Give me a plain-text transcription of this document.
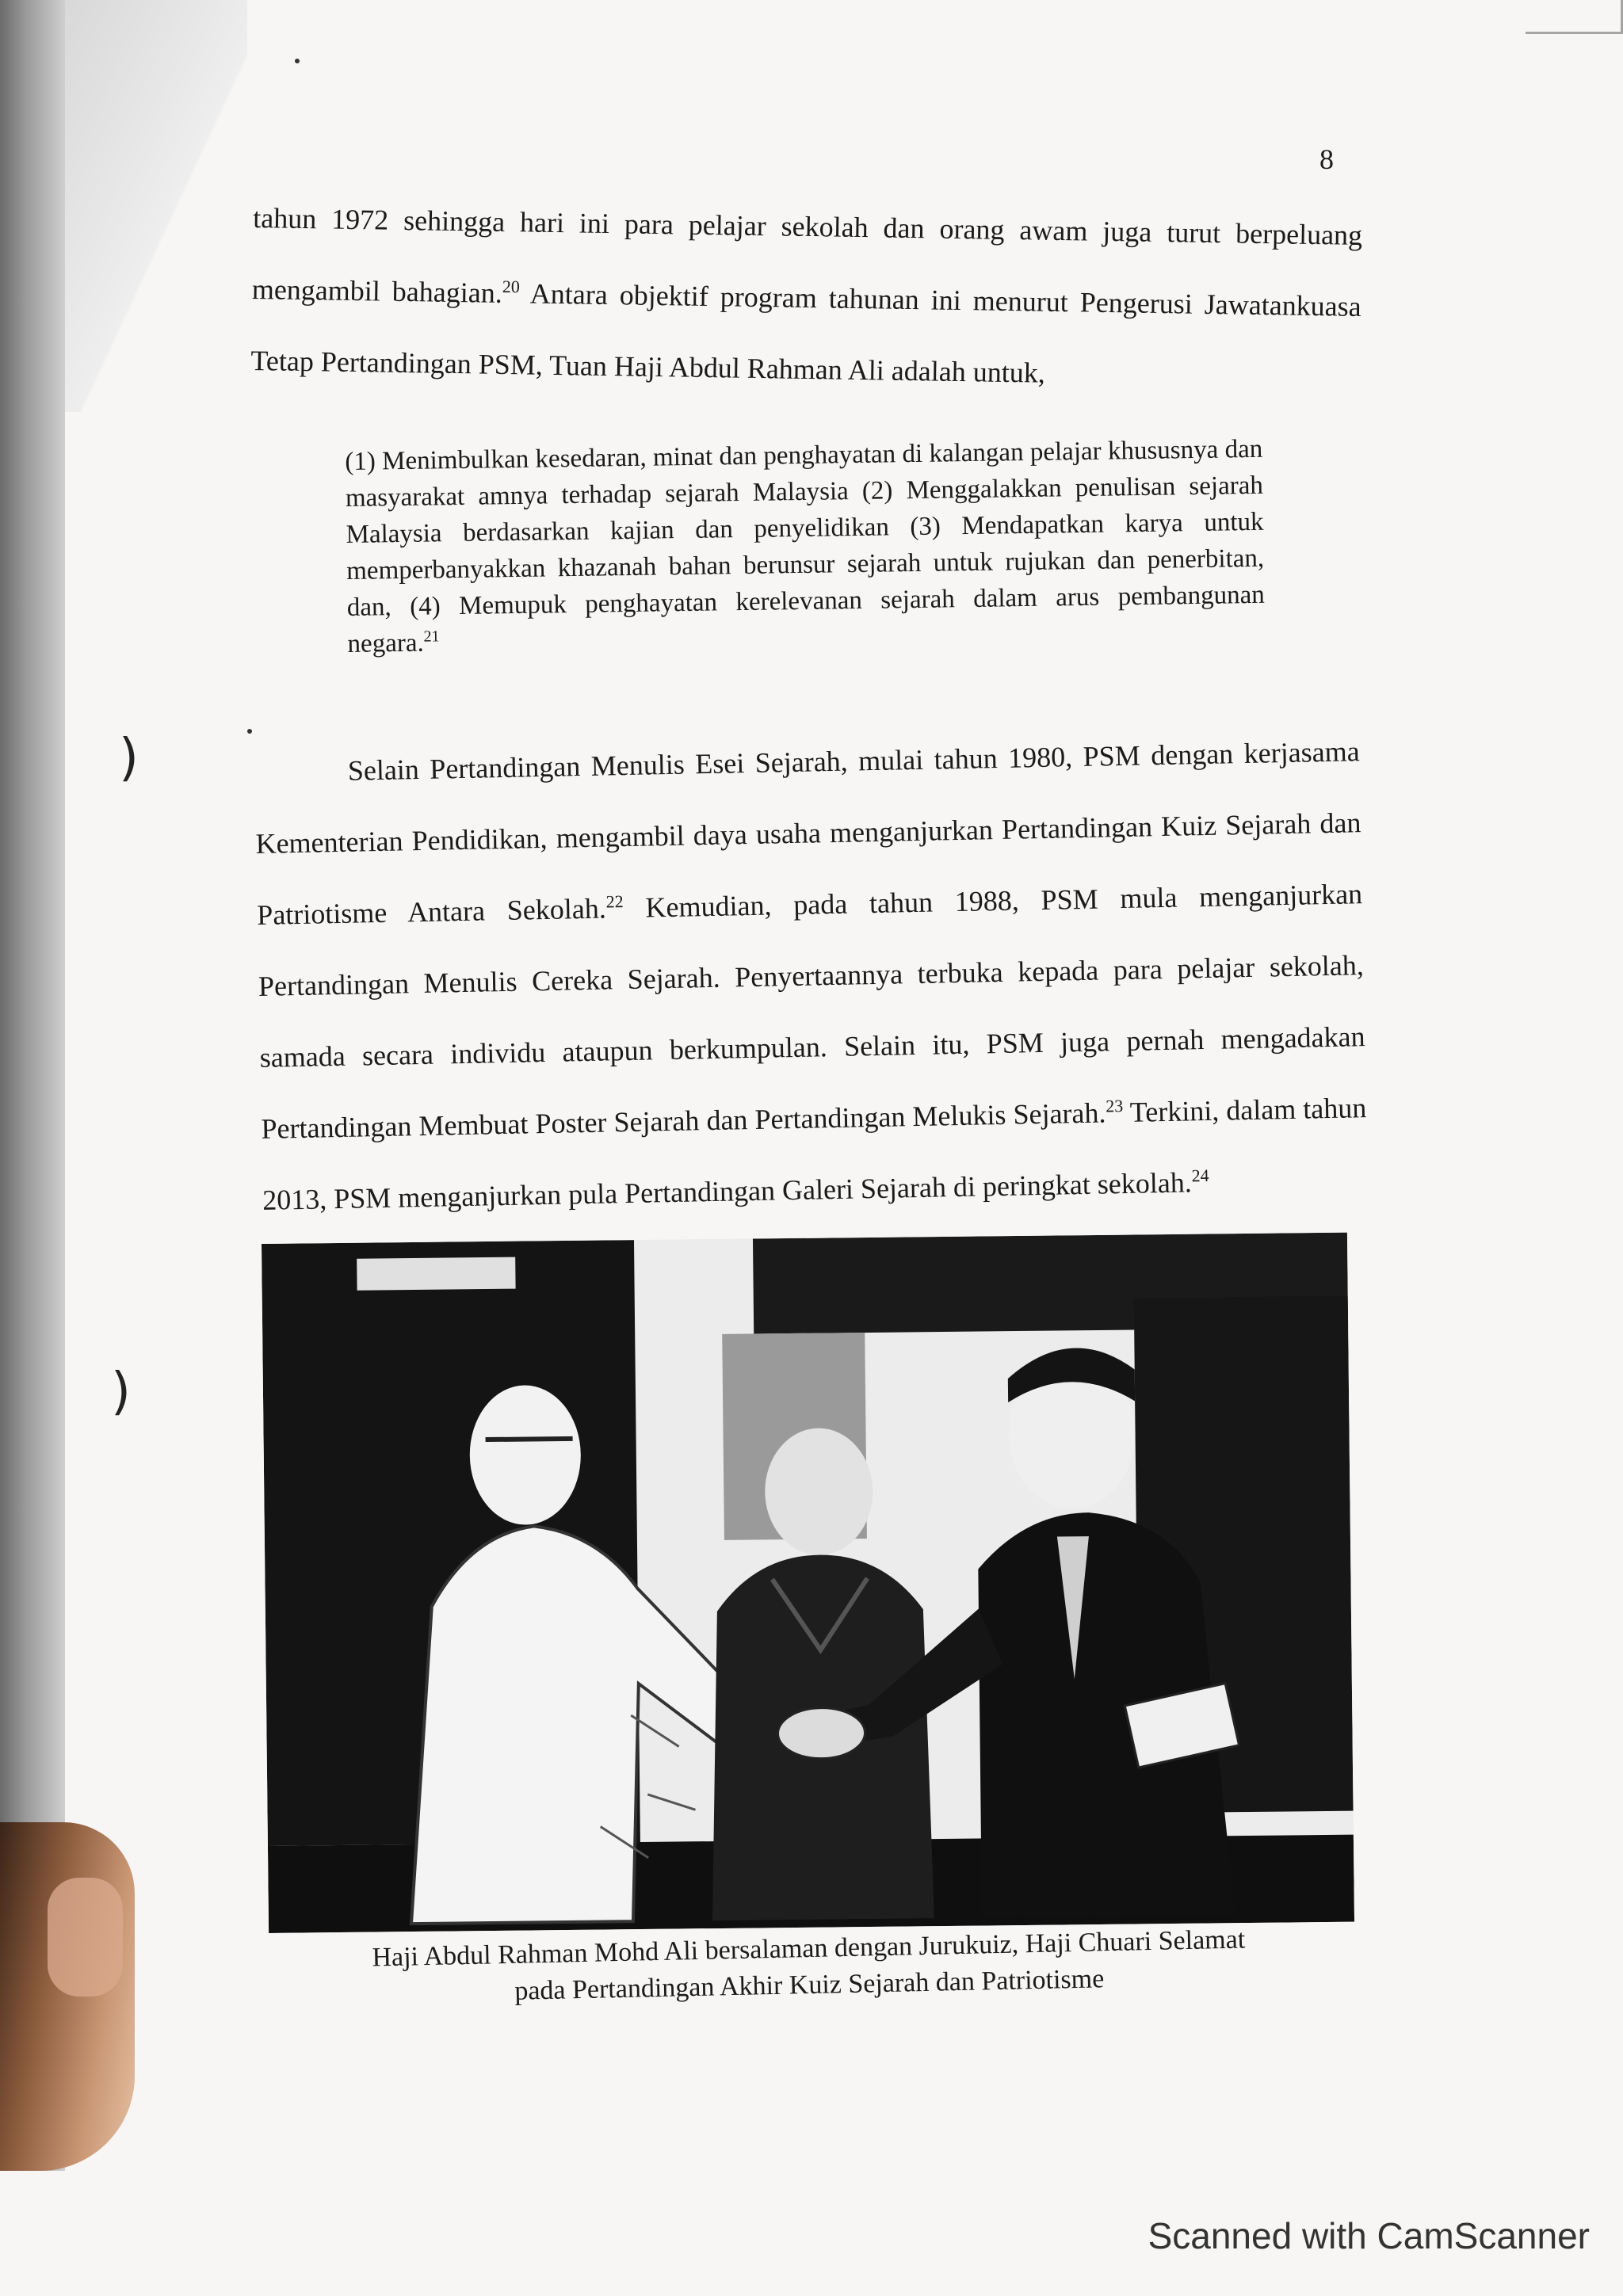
)
)
8
tahun 1972 sehingga hari ini para pelajar sekolah dan orang awam juga turut berpeluang mengambil bahagian.$^{20}$ Antara objektif program tahunan ini menurut Pengerusi Jawatankuasa Tetap Pertandingan PSM, Tuan Haji Abdul Rahman Ali adalah untuk,
(1) Menimbulkan kesedaran, minat dan penghayatan di kalangan pelajar khususnya dan masyarakat amnya terhadap sejarah Malaysia (2) Menggalakkan penulisan sejarah Malaysia berdasarkan kajian dan penyelidikan (3) Mendapatkan karya untuk memperbanyakkan khazanah bahan berunsur sejarah untuk rujukan dan penerbitan, dan, (4) Memupuk penghayatan kerelevanan sejarah dalam arus pembangunan negara.$^{21}$
Selain Pertandingan Menulis Esei Sejarah, mulai tahun 1980, PSM dengan kerjasama Kementerian Pendidikan, mengambil daya usaha menganjurkan Pertandingan Kuiz Sejarah dan Patriotisme Antara Sekolah.$^{22}$ Kemudian, pada tahun 1988, PSM mula menganjurkan Pertandingan Menulis Cereka Sejarah. Penyertaannya terbuka kepada para pelajar sekolah, samada secara individu ataupun berkumpulan. Selain itu, PSM juga pernah mengadakan Pertandingan Membuat Poster Sejarah dan Pertandingan Melukis Sejarah.$^{23}$ Terkini, dalam tahun 2013, PSM menganjurkan pula Pertandingan Galeri Sejarah di peringkat sekolah.$^{24}$
Haji Abdul Rahman Mohd Ali bersalaman dengan Jurukuiz, Haji Chuari Selamat
pada Pertandingan Akhir Kuiz Sejarah dan Patriotisme
Scanned with CamScanner
